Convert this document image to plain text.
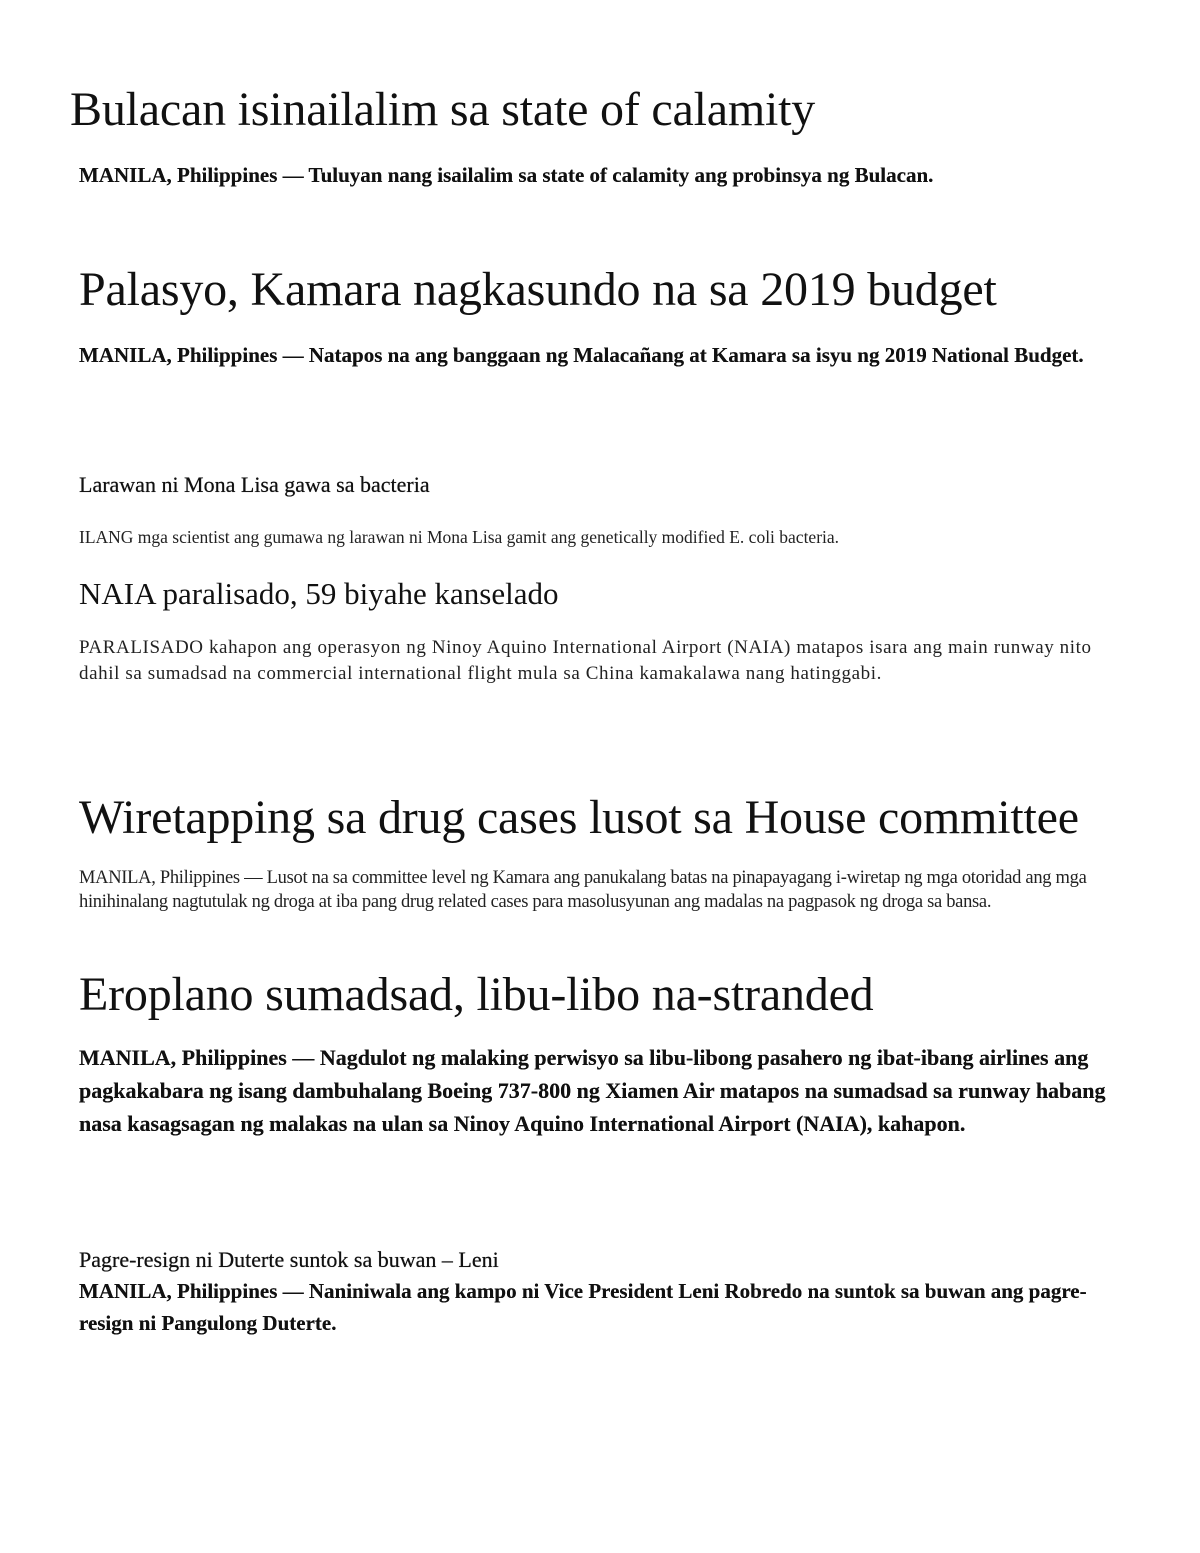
Bulacan isinailalim sa state of calamity

MANILA, Philippines — Tuluyan nang isailalim sa state of calamity ang probinsya ng Bulacan.

Palasyo, Kamara nagkasundo na sa 2019 budget

MANILA, Philippines — Natapos na ang banggaan ng Malacañang at Kamara sa isyu ng 2019 National Budget.

Larawan ni Mona Lisa gawa sa bacteria

ILANG mga scientist ang gumawa ng larawan ni Mona Lisa gamit ang genetically modified E. coli bacteria.

NAIA paralisado, 59 biyahe kanselado

PARALISADO kahapon ang operasyon ng Ninoy Aquino International Airport (NAIA) matapos isara ang main runway nito dahil sa sumadsad na commercial international flight mula sa China kamakalawa nang hatinggabi.

Wiretapping sa drug cases lusot sa House committee

MANILA, Philippines — Lusot na sa committee level ng Kamara ang panukalang batas na pinapayagang i-wiretap ng mga otoridad ang mga hinihinalang nagtutulak ng droga at iba pang drug related cases para masolusyunan ang madalas na pagpasok ng droga sa bansa.

Eroplano sumadsad, libu-libo na-stranded

MANILA, Philippines — Nagdulot ng malaking perwisyo sa libu-libong pasahero ng ibat-ibang airlines ang pagkakabara ng isang dambuhalang Boeing 737-800 ng Xiamen Air matapos na sumadsad sa runway habang nasa kasagsagan ng malakas na ulan sa Ninoy Aquino International Airport (NAIA), kahapon.

Pagre-resign ni Duterte suntok sa buwan – Leni

MANILA, Philippines — Naniniwala ang kampo ni Vice President Leni Robredo na suntok sa buwan ang pagre-resign ni Pangulong Duterte.
